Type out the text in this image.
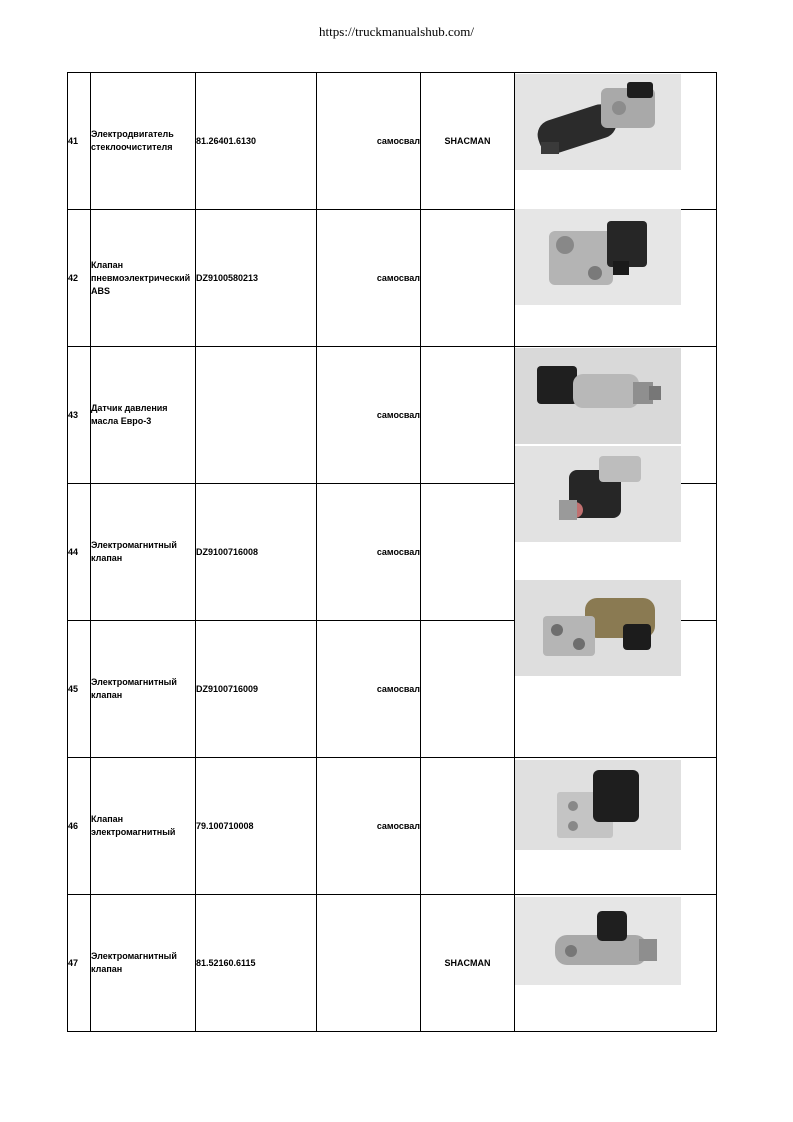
https://truckmanualshub.com/
41	Электродвигатель стеклоочистителя	81.26401.6130	самосвал	SHACMAN	
42	Клапан пневмоэлектрический ABS	DZ9100580213	самосвал		
43	Датчик давления масла Евро-3		самосвал		
44	Электромагнитный клапан	DZ9100716008	самосвал		
45	Электромагнитный клапан	DZ9100716009	самосвал		
46	Клапан электромагнитный	79.100710008	самосвал		
47	Электромагнитный клапан	81.52160.6115		SHACMAN	
